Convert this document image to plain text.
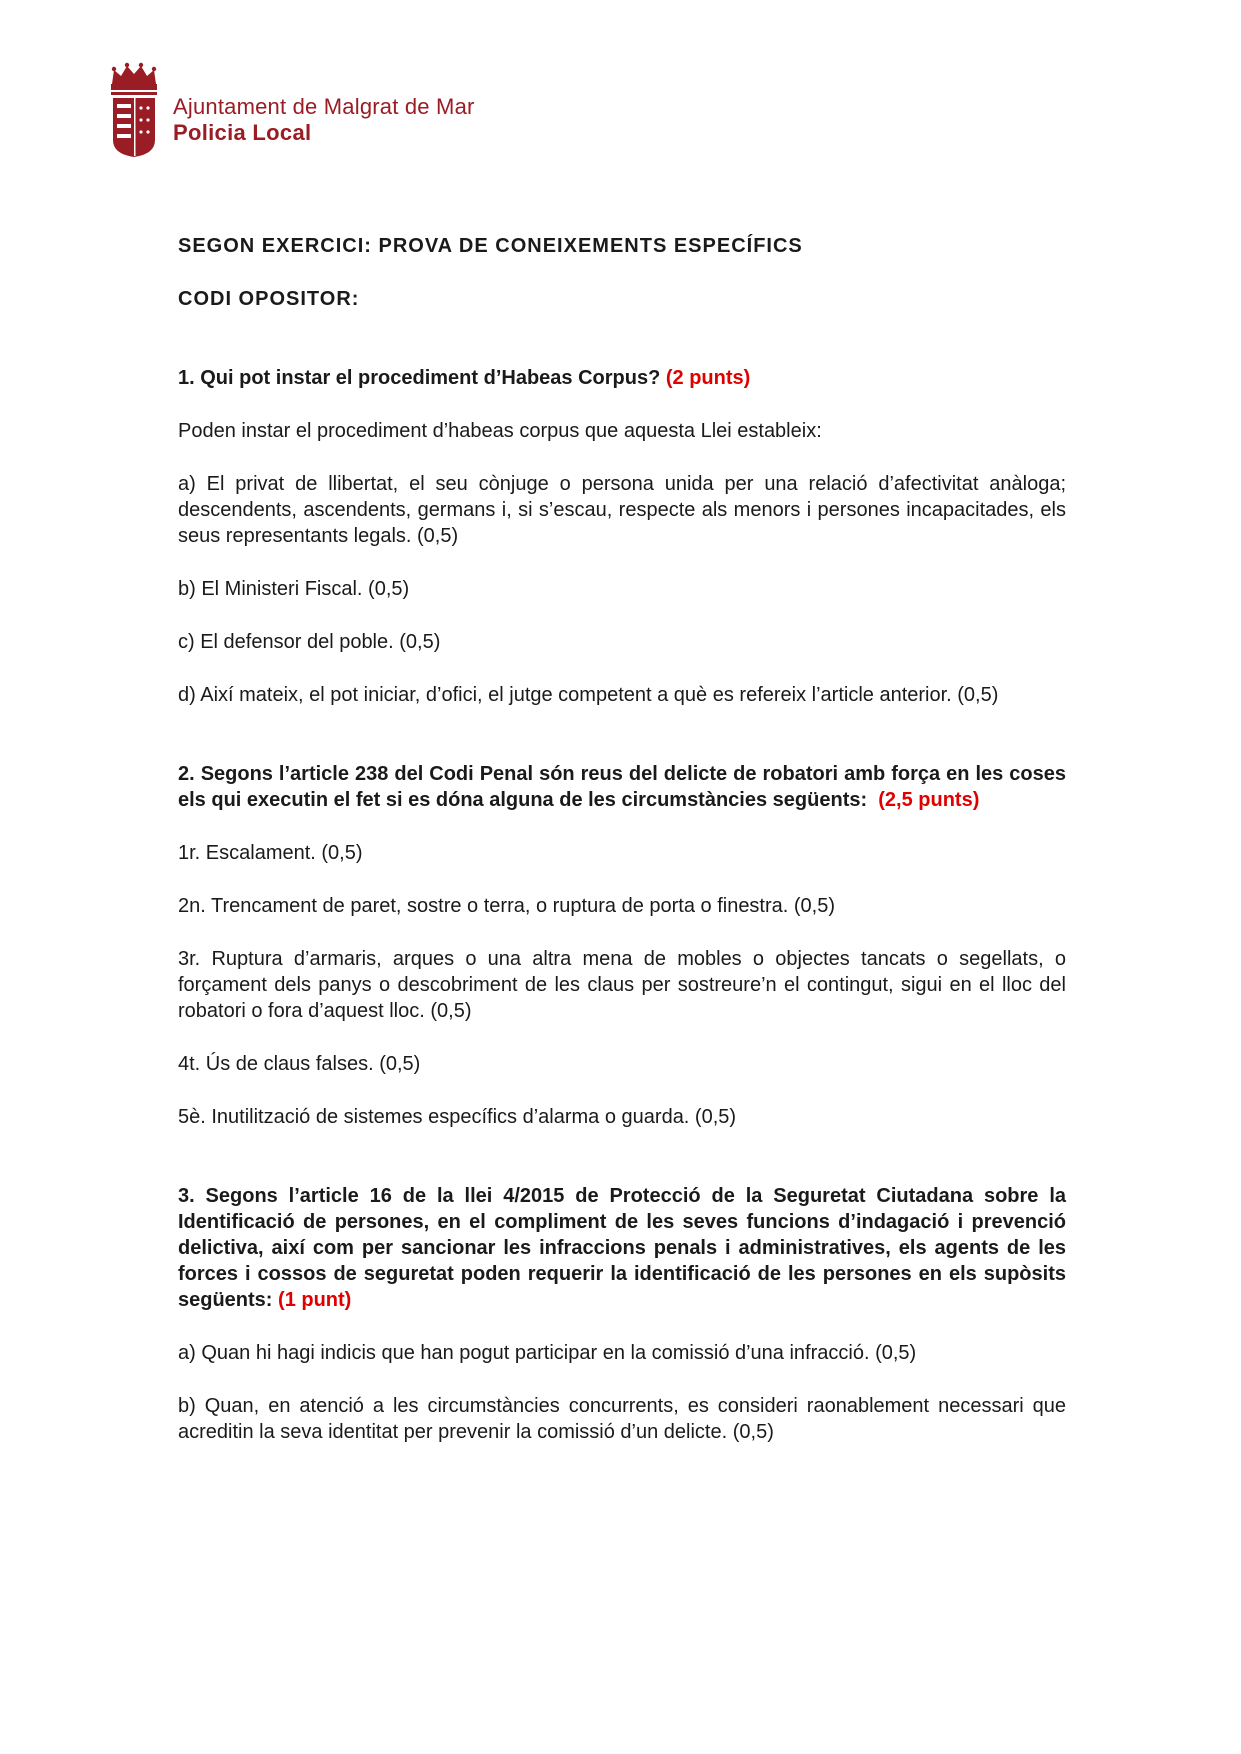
Ajuntament de Malgrat de Mar
Policia Local

SEGON EXERCICI: PROVA DE CONEIXEMENTS ESPECÍFICS

CODI OPOSITOR:

1. Qui pot instar el procediment d’Habeas Corpus? (2 punts)

Poden instar el procediment d’habeas corpus que aquesta Llei estableix:

a) El privat de llibertat, el seu cònjuge o persona unida per una relació d’afectivitat anàloga; descendents, ascendents, germans i, si s’escau, respecte als menors i persones incapacitades, els seus representants legals. (0,5)

b) El Ministeri Fiscal. (0,5)

c) El defensor del poble. (0,5)

d) Així mateix, el pot iniciar, d’ofici, el jutge competent a què es refereix l’article anterior. (0,5)

2. Segons l’article 238 del Codi Penal són reus del delicte de robatori amb força en les coses els qui executin el fet si es dóna alguna de les circumstàncies següents: (2,5 punts)

1r. Escalament. (0,5)

2n. Trencament de paret, sostre o terra, o ruptura de porta o finestra. (0,5)

3r. Ruptura d’armaris, arques o una altra mena de mobles o objectes tancats o segellats, o forçament dels panys o descobriment de les claus per sostreure’n el contingut, sigui en el lloc del robatori o fora d’aquest lloc. (0,5)

4t. Ús de claus falses. (0,5)

5è. Inutilització de sistemes específics d’alarma o guarda. (0,5)

3. Segons l’article 16 de la llei 4/2015 de Protecció de la Seguretat Ciutadana sobre la Identificació de persones, en el compliment de les seves funcions d’indagació i prevenció delictiva, així com per sancionar les infraccions penals i administratives, els agents de les forces i cossos de seguretat poden requerir la identificació de les persones en els supòsits següents: (1 punt)

a) Quan hi hagi indicis que han pogut participar en la comissió d’una infracció. (0,5)

b) Quan, en atenció a les circumstàncies concurrents, es consideri raonablement necessari que acreditin la seva identitat per prevenir la comissió d’un delicte. (0,5)
